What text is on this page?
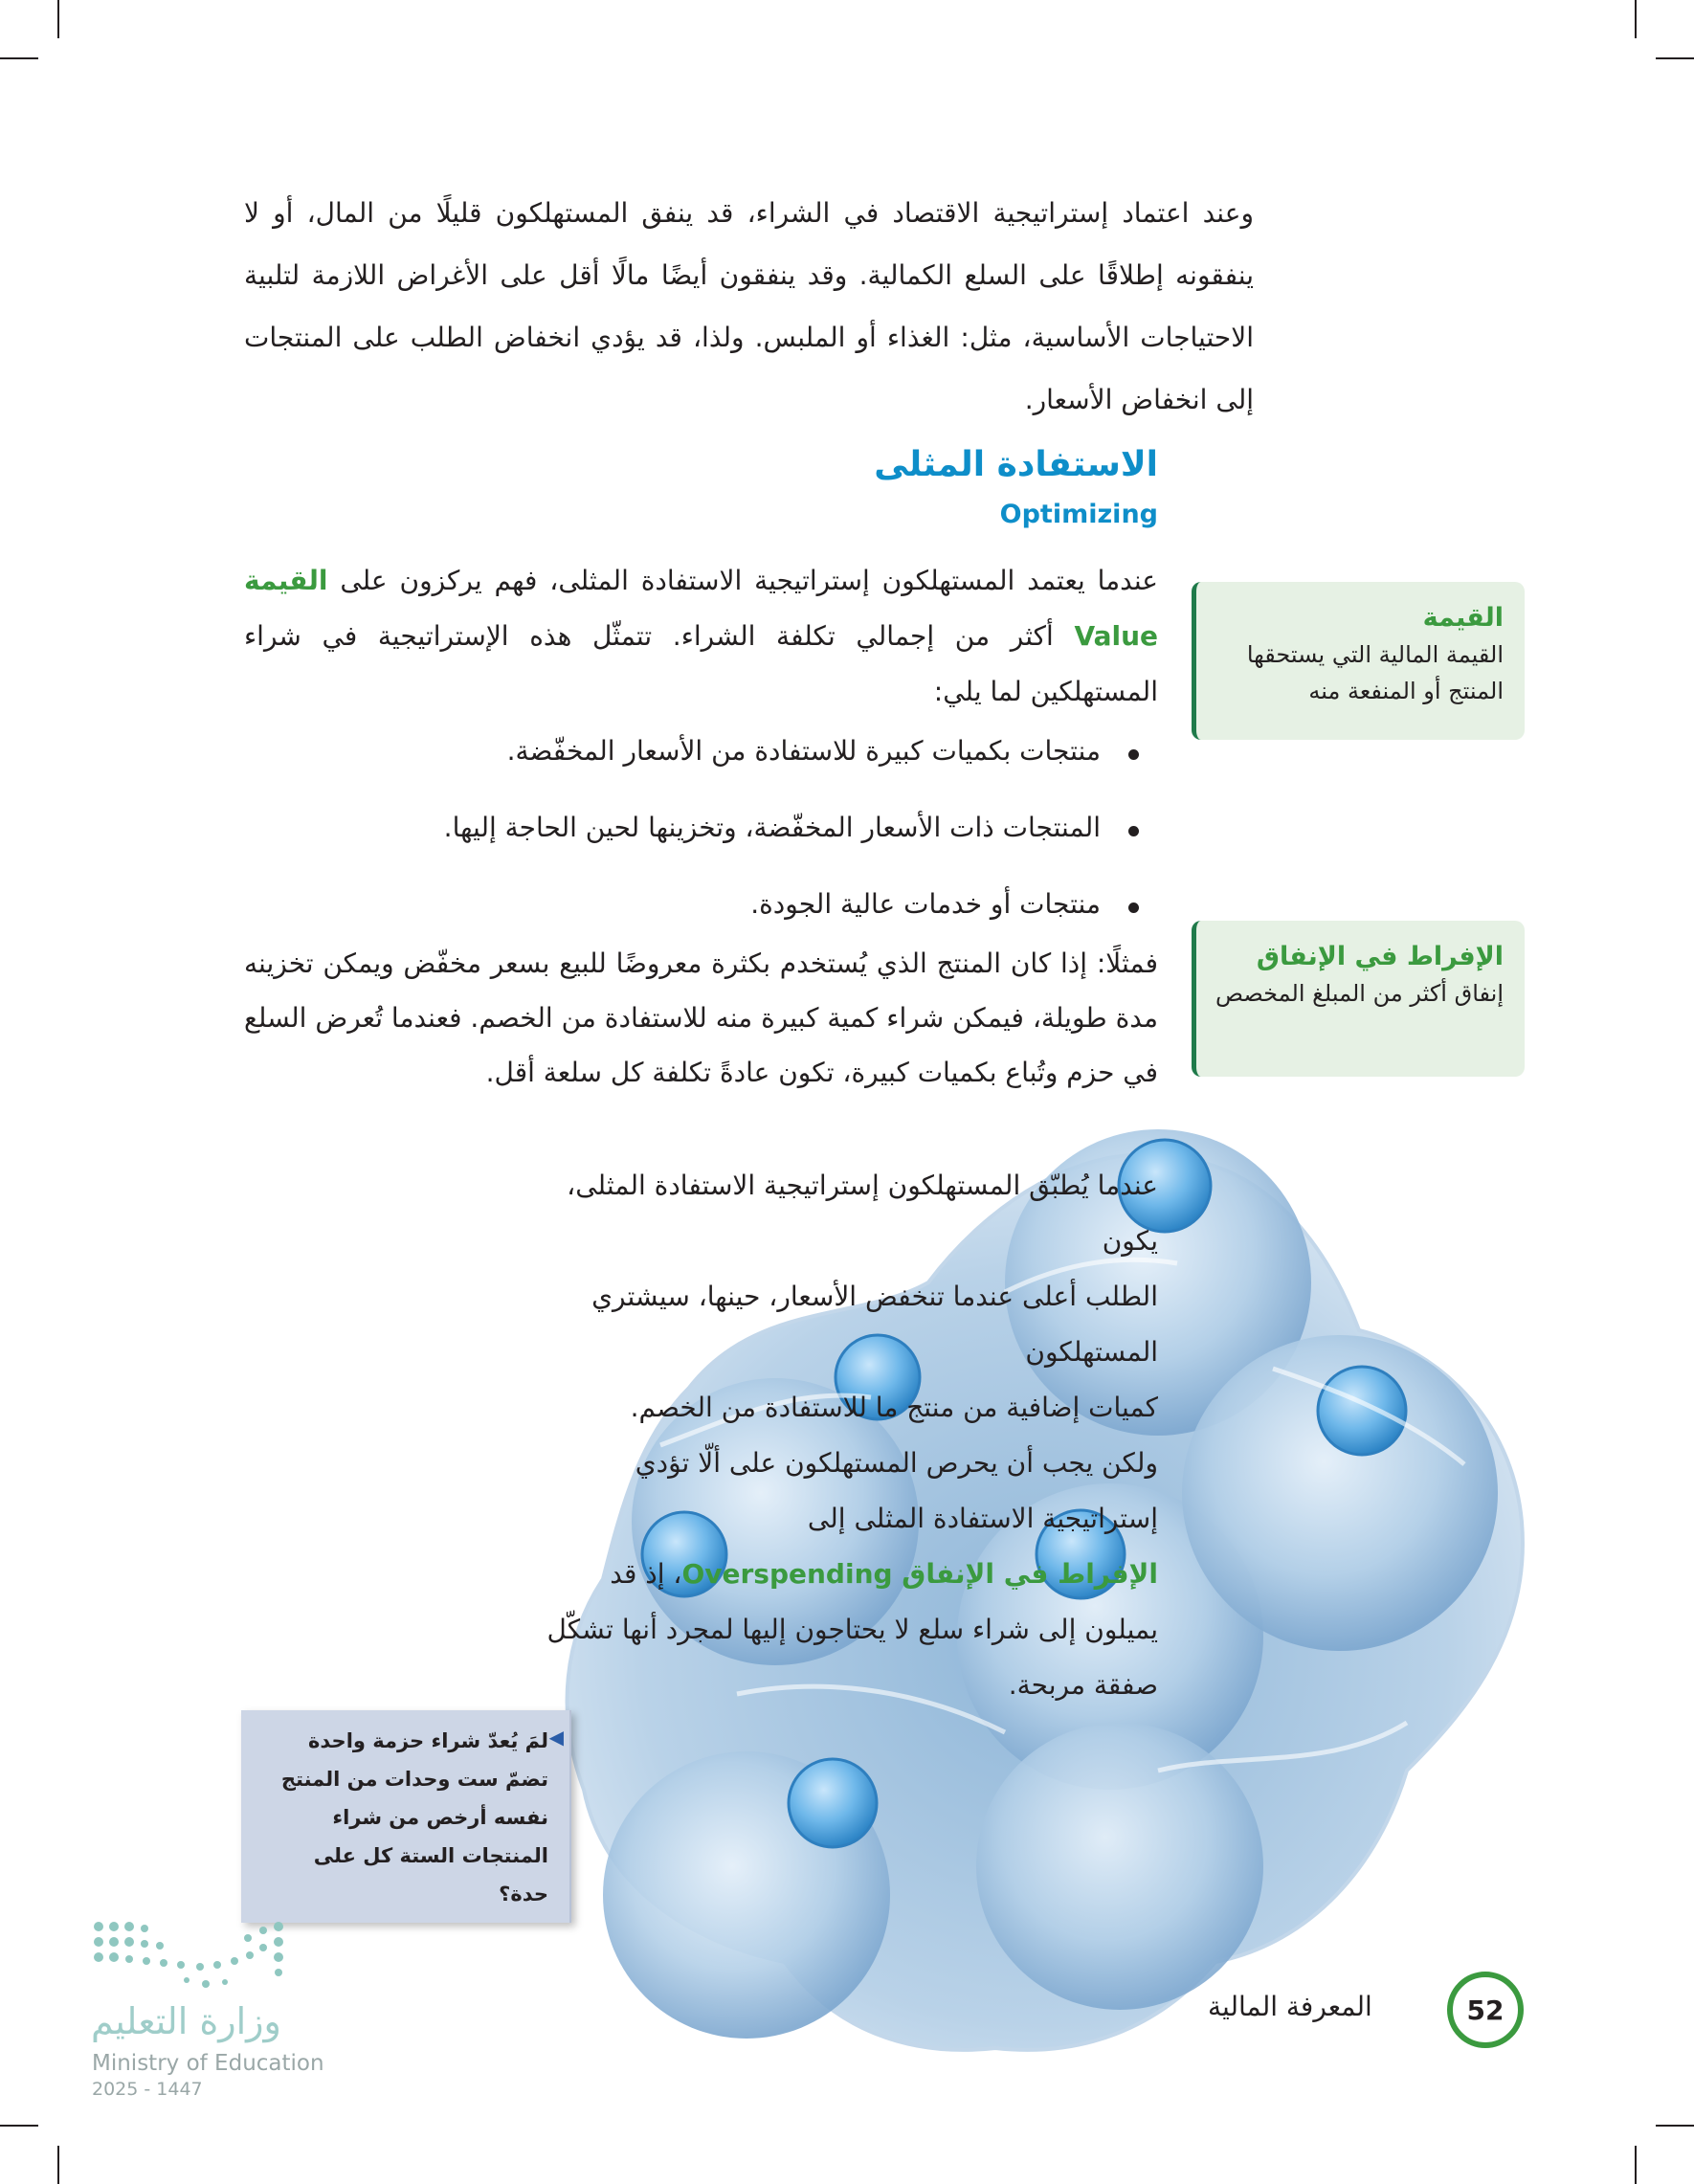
وعند اعتماد إستراتيجية الاقتصاد في الشراء، قد ينفق المستهلكون قليلًا من المال، أو لا ينفقونه إطلاقًا على السلع الكمالية. وقد ينفقون أيضًا مالًا أقل على الأغراض اللازمة لتلبية الاحتياجات الأساسية، مثل: الغذاء أو الملبس. ولذا، قد يؤدي انخفاض الطلب على المنتجات إلى انخفاض الأسعار.

الاستفادة المثلى
Optimizing

عندما يعتمد المستهلكون إستراتيجية الاستفادة المثلى، فهم يركزون على القيمة Value أكثر من إجمالي تكلفة الشراء. تتمثّل هذه الإستراتيجية في شراء المستهلكين لما يلي:

منتجات بكميات كبيرة للاستفادة من الأسعار المخفّضة.
المنتجات ذات الأسعار المخفّضة، وتخزينها لحين الحاجة إليها.
منتجات أو خدمات عالية الجودة.

فمثلًا: إذا كان المنتج الذي يُستخدم بكثرة معروضًا للبيع بسعر مخفّض ويمكن تخزينه مدة طويلة، فيمكن شراء كمية كبيرة منه للاستفادة من الخصم. فعندما تُعرض السلع في حزم وتُباع بكميات كبيرة، تكون عادةً تكلفة كل سلعة أقل.

عندما يُطبّق المستهلكون إستراتيجية الاستفادة المثلى، يكون
الطلب أعلى عندما تنخفض الأسعار، حينها، سيشتري المستهلكون
كميات إضافية من منتج ما للاستفادة من الخصم.
ولكن يجب أن يحرص المستهلكون على ألّا تؤدي
إستراتيجية الاستفادة المثلى إلى
الإفراط في الإنفاق Overspending، إذ قد يميلون إلى شراء سلع لا يحتاجون إليها لمجرد أنها تشكّل صفقة مربحة.
القيمة
القيمة المالية التي يستحقها المنتج أو المنفعة منه
الإفراط في الإنفاق
إنفاق أكثر من المبلغ المخصص
◀
لمَ يُعدّ شراء حزمة واحدة تضمّ ست وحدات من المنتج نفسه أرخص من شراء المنتجات الستة كل على حدة؟
52
المعرفة المالية
وزارة التعليم
Ministry of Education
2025 - 1447
